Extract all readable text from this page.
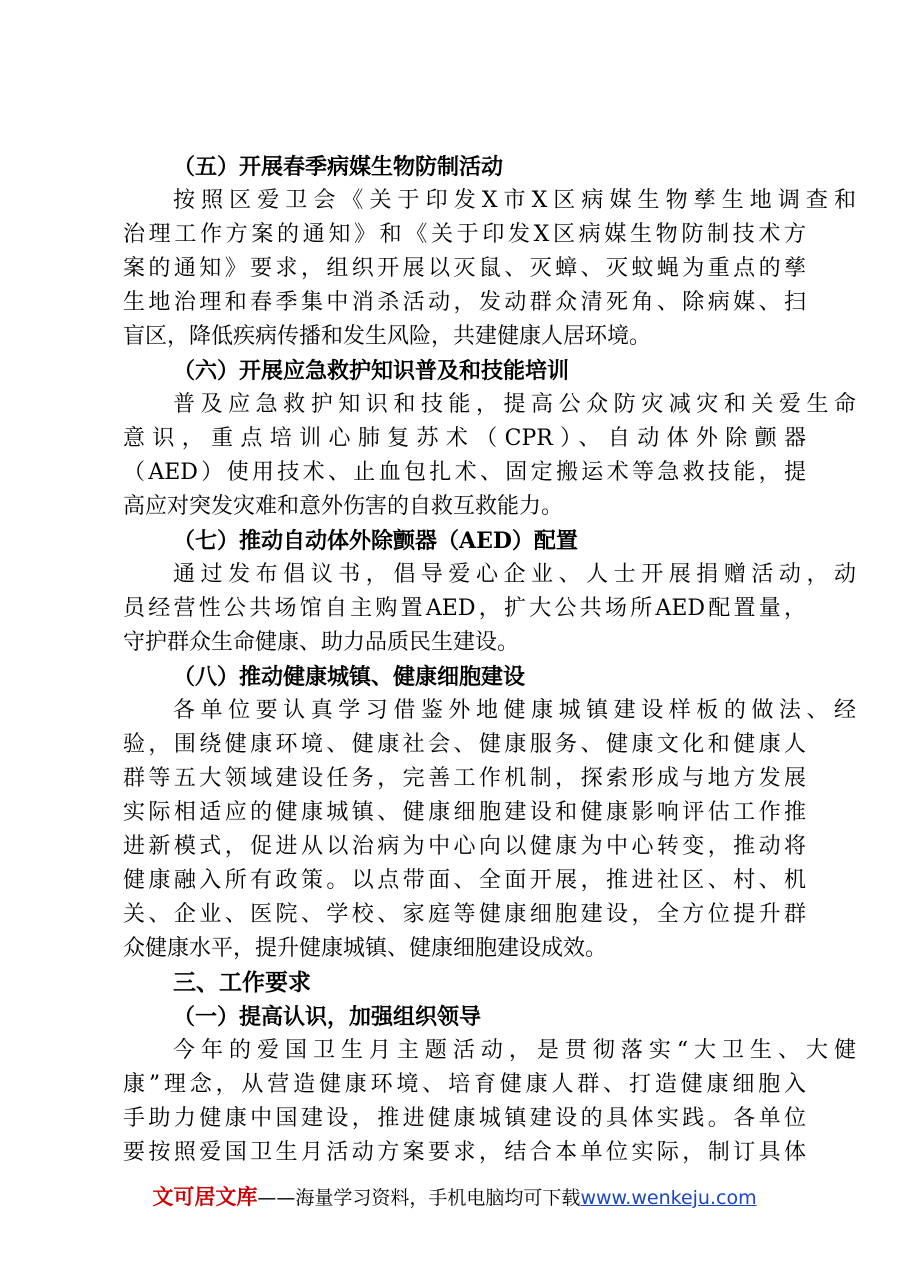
（五）开展春季病媒生物防制活动
按照区爱卫会《关于印发X市X区病媒生物孳生地调查和
治理工作方案的通知》和《关于印发X区病媒生物防制技术方
案的通知》要求，组织开展以灭鼠、灭蟑、灭蚊蝇为重点的孳
生地治理和春季集中消杀活动，发动群众清死角、除病媒、扫
盲区，降低疾病传播和发生风险，共建健康人居环境。
（六）开展应急救护知识普及和技能培训
普及应急救护知识和技能，提高公众防灾减灾和关爱生命
意识，重点培训心肺复苏术（CPR）、自动体外除颤器
（AED）使用技术、止血包扎术、固定搬运术等急救技能，提
高应对突发灾难和意外伤害的自救互救能力。
（七）推动自动体外除颤器（AED）配置
通过发布倡议书，倡导爱心企业、人士开展捐赠活动，动
员经营性公共场馆自主购置AED，扩大公共场所AED配置量，
守护群众生命健康、助力品质民生建设。
（八）推动健康城镇、健康细胞建设
各单位要认真学习借鉴外地健康城镇建设样板的做法、经
验，围绕健康环境、健康社会、健康服务、健康文化和健康人
群等五大领域建设任务，完善工作机制，探索形成与地方发展
实际相适应的健康城镇、健康细胞建设和健康影响评估工作推
进新模式，促进从以治病为中心向以健康为中心转变，推动将
健康融入所有政策。以点带面、全面开展，推进社区、村、机
关、企业、医院、学校、家庭等健康细胞建设，全方位提升群
众健康水平，提升健康城镇、健康细胞建设成效。
三、工作要求
（一）提高认识，加强组织领导
今年的爱国卫生月主题活动，是贯彻落实“大卫生、大健
康”理念，从营造健康环境、培育健康人群、打造健康细胞入
手助力健康中国建设，推进健康城镇建设的具体实践。各单位
要按照爱国卫生月活动方案要求，结合本单位实际，制订具体
文可居文库——海量学习资料，手机电脑均可下载www.wenkeju.com
